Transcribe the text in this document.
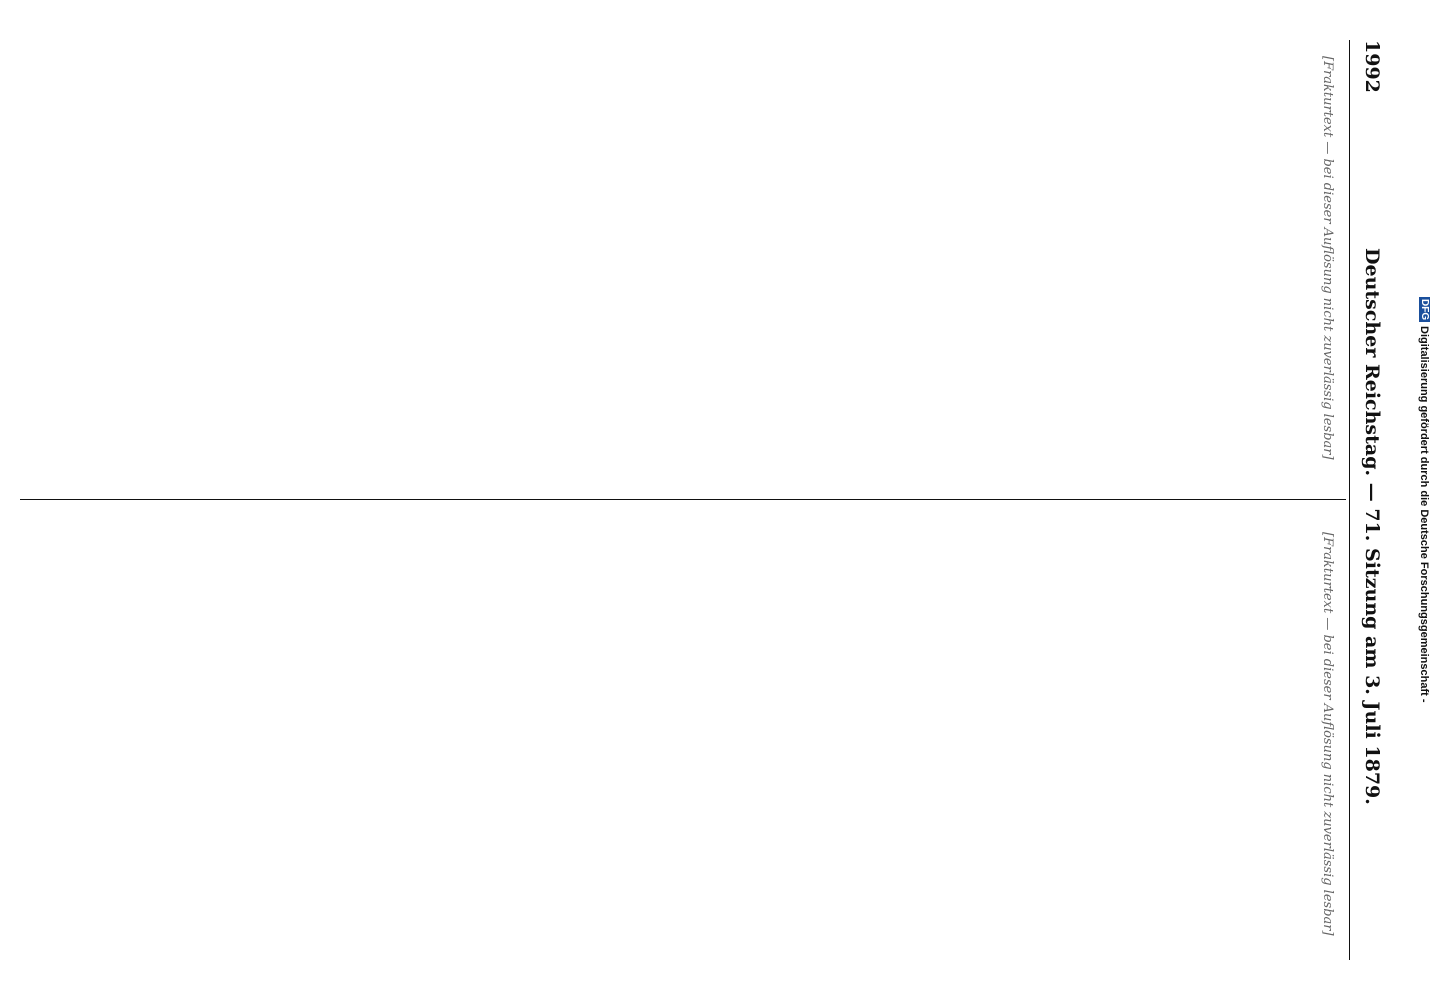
1992
Deutscher Reichstag. — 71. Sitzung am 3. Juli 1879.

[Frakturtext — bei dieser Auflösung nicht zuverlässig lesbar]

[Frakturtext — bei dieser Auflösung nicht zuverlässig lesbar]

DFG
Digitalisierung gefördert durch die Deutsche Forschungsgemeinschaft -
